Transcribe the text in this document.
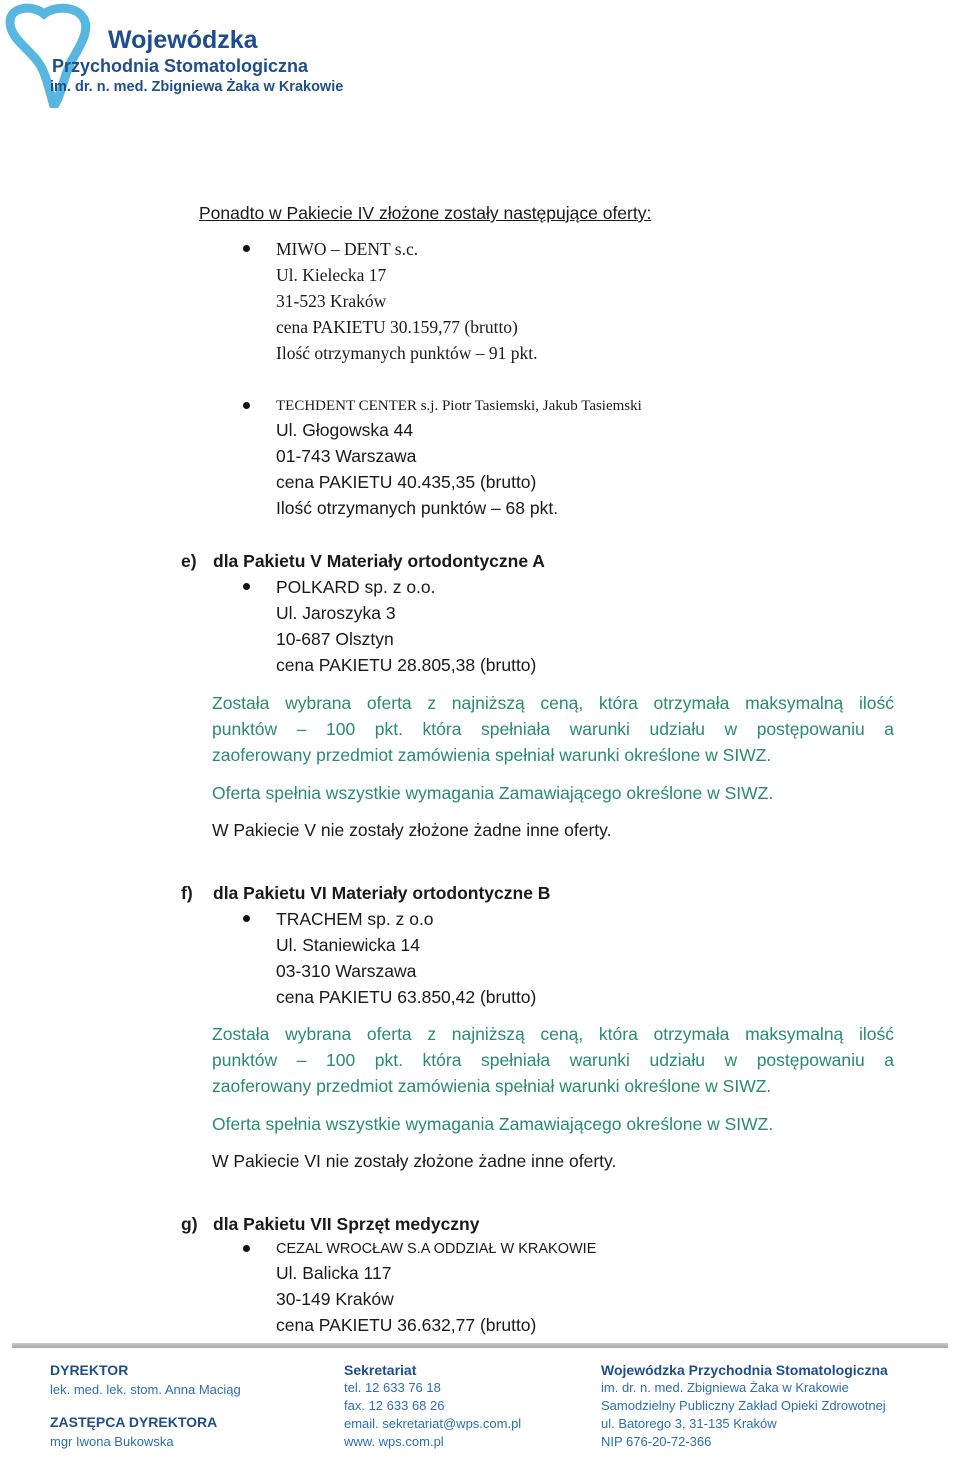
Wojewódzka
Przychodnia Stomatologiczna
im. dr. n. med. Zbigniewa Żaka w Krakowie
Ponadto w Pakiecie IV złożone zostały następujące oferty:
MIWO – DENT s.c.
Ul. Kielecka 17
31-523 Kraków
cena PAKIETU 30.159,77 (brutto)
Ilość otrzymanych punktów – 91 pkt.
TECHDENT CENTER s.j. Piotr Tasiemski, Jakub Tasiemski
Ul. Głogowska 44
01-743 Warszawa
cena PAKIETU 40.435,35 (brutto)
Ilość otrzymanych punktów – 68 pkt.
e) dla Pakietu V Materiały ortodontyczne A
POLKARD sp. z o.o.
Ul. Jaroszyka 3
10-687 Olsztyn
cena PAKIETU 28.805,38 (brutto)
Została wybrana oferta z najniższą ceną, która otrzymała maksymalną ilość
punktów – 100 pkt. która spełniała warunki udziału w postępowaniu a
zaoferowany przedmiot zamówienia spełniał warunki określone w SIWZ.
Oferta spełnia wszystkie wymagania Zamawiającego określone w SIWZ.
W Pakiecie V nie zostały złożone żadne inne oferty.
f) dla Pakietu VI Materiały ortodontyczne B
TRACHEM sp. z o.o
Ul. Staniewicka 14
03-310 Warszawa
cena PAKIETU 63.850,42 (brutto)
Została wybrana oferta z najniższą ceną, która otrzymała maksymalną ilość
punktów – 100 pkt. która spełniała warunki udziału w postępowaniu a
zaoferowany przedmiot zamówienia spełniał warunki określone w SIWZ.
Oferta spełnia wszystkie wymagania Zamawiającego określone w SIWZ.
W Pakiecie VI nie zostały złożone żadne inne oferty.
g) dla Pakietu VII Sprzęt medyczny
CEZAL WROCŁAW S.A ODDZIAŁ W KRAKOWIE
Ul. Balicka 117
30-149 Kraków
cena PAKIETU 36.632,77 (brutto)
DYREKTOR
lek. med. lek. stom. Anna Maciąg
ZASTĘPCA DYREKTORA
mgr Iwona Bukowska
Sekretariat
tel. 12 633 76 18
fax. 12 633 68 26
email. sekretariat@wps.com.pl
www. wps.com.pl
Wojewódzka Przychodnia Stomatologiczna
im. dr. n. med. Zbigniewa Żaka w Krakowie
Samodzielny Publiczny Zakład Opieki Zdrowotnej
ul. Batorego 3, 31-135 Kraków
NIP 676-20-72-366
